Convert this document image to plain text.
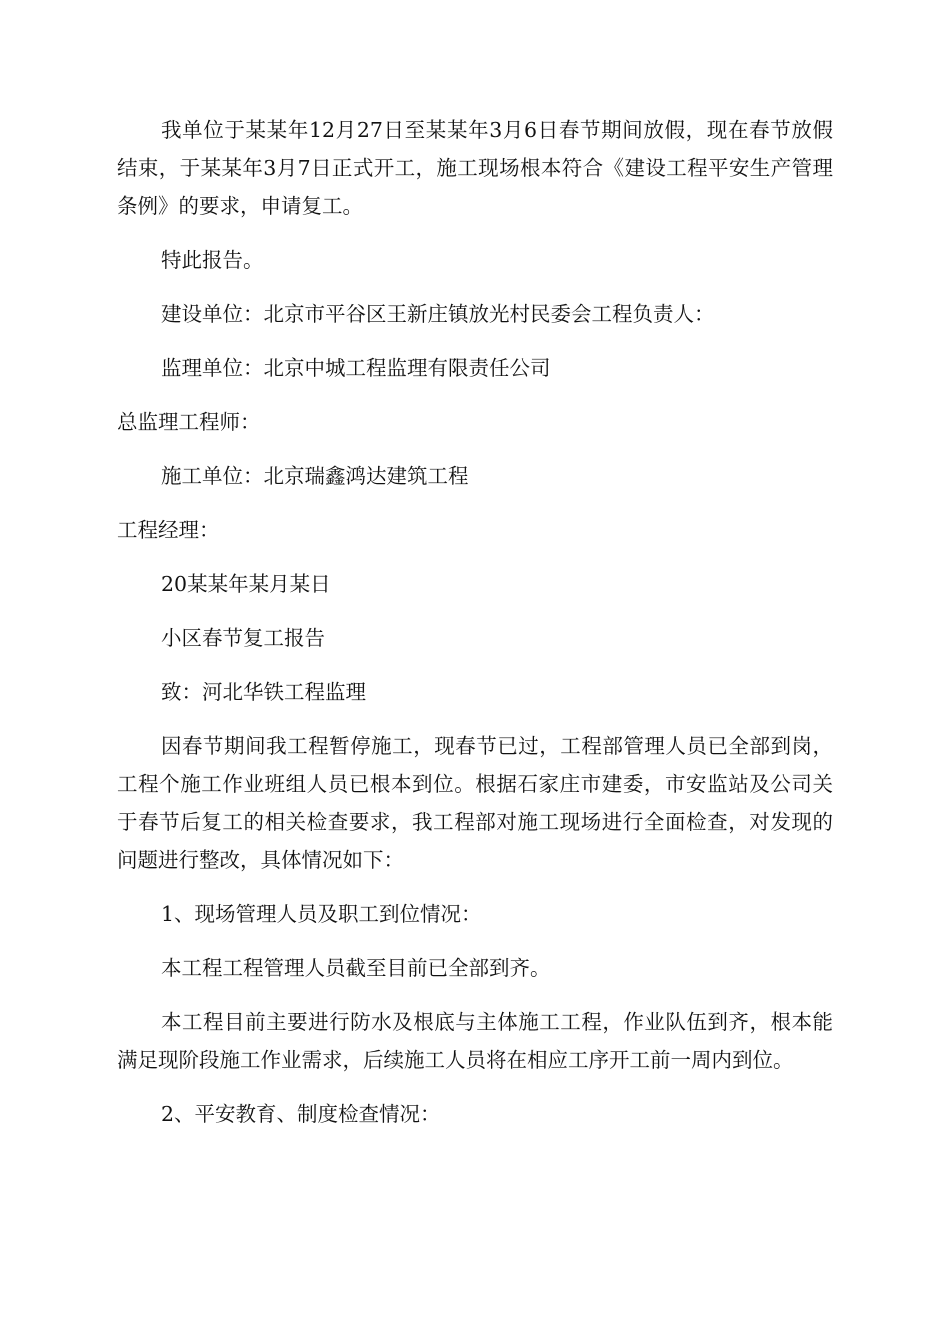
我单位于某某年12月27日至某某年3月6日春节期间放假，现在春节放假结束，于某某年3月7日正式开工，施工现场根本符合《建设工程平安生产管理条例》的要求，申请复工。

特此报告。

建设单位：北京市平谷区王新庄镇放光村民委会工程负责人：

监理单位：北京中城工程监理有限责任公司

总监理工程师：

施工单位：北京瑞鑫鸿达建筑工程

工程经理：

20某某年某月某日

小区春节复工报告

致：河北华铁工程监理

因春节期间我工程暂停施工，现春节已过，工程部管理人员已全部到岗，工程个施工作业班组人员已根本到位。根据石家庄市建委，市安监站及公司关于春节后复工的相关检查要求，我工程部对施工现场进行全面检查，对发现的问题进行整改，具体情况如下：

1、现场管理人员及职工到位情况：

本工程工程管理人员截至目前已全部到齐。

本工程目前主要进行防水及根底与主体施工工程，作业队伍到齐，根本能满足现阶段施工作业需求，后续施工人员将在相应工序开工前一周内到位。

2、平安教育、制度检查情况：
